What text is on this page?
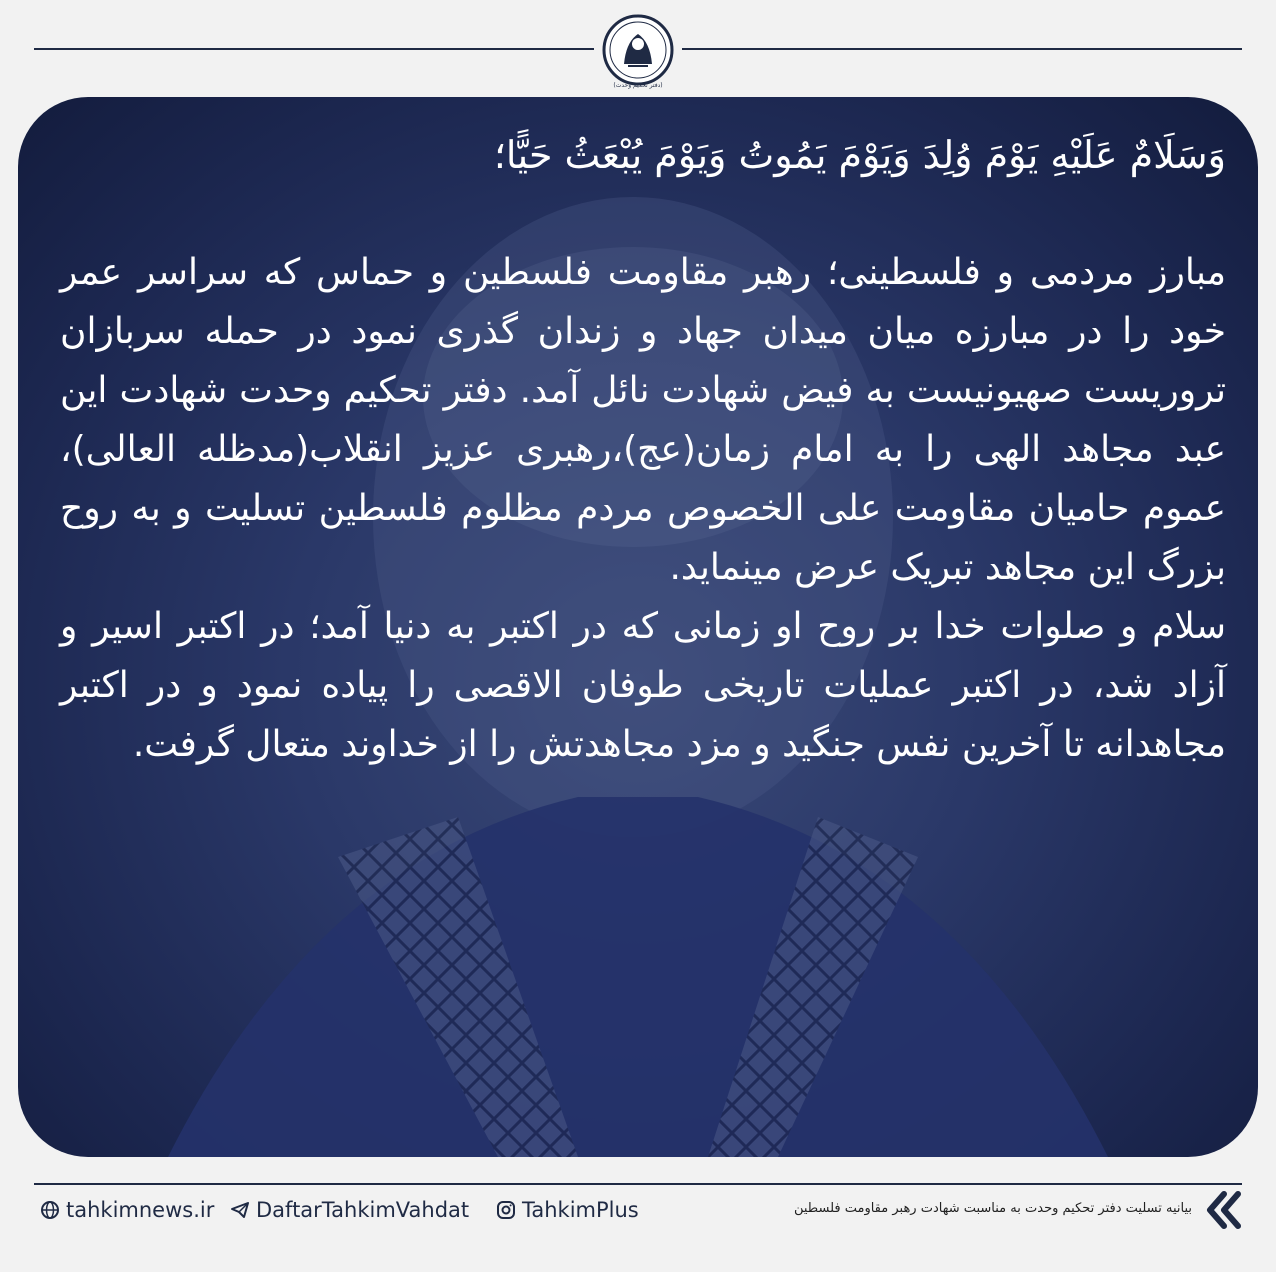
(دفتر تحکیم وحدت)

وَسَلَامٌ عَلَيْهِ يَوْمَ وُلِدَ وَيَوْمَ يَمُوتُ وَيَوْمَ يُبْعَثُ حَيًّا؛

مبارز مردمی و فلسطینی؛ رهبر مقاومت فلسطین و حماس که سراسر عمر خود را در مبارزه میان میدان جهاد و زندان گذری نمود در حمله سربازان تروریست صهیونیست به فیض شهادت نائل آمد. دفتر تحکیم وحدت شهادت این عبد مجاهد الهی را به امام زمان(عج)،رهبری عزیز انقلاب(مدظله العالی)، عموم حامیان مقاومت علی الخصوص مردم مظلوم فلسطین تسلیت و به روح بزرگ این مجاهد تبریک عرض مینماید.

سلام و صلوات خدا بر روح او زمانی که در اکتبر به دنیا آمد؛ در اکتبر اسیر و آزاد شد، در اکتبر عملیات تاریخی طوفان الاقصی را پیاده نمود و در اکتبر مجاهدانه تا آخرین نفس جنگید و مزد مجاهدتش را از خداوند متعال گرفت.

tahkimnews.ir DaftarTahkimVahdat	TahkimPlus	بیانیه تسلیت دفتر تحکیم وحدت به مناسبت شهادت رهبر مقاومت فلسطین
